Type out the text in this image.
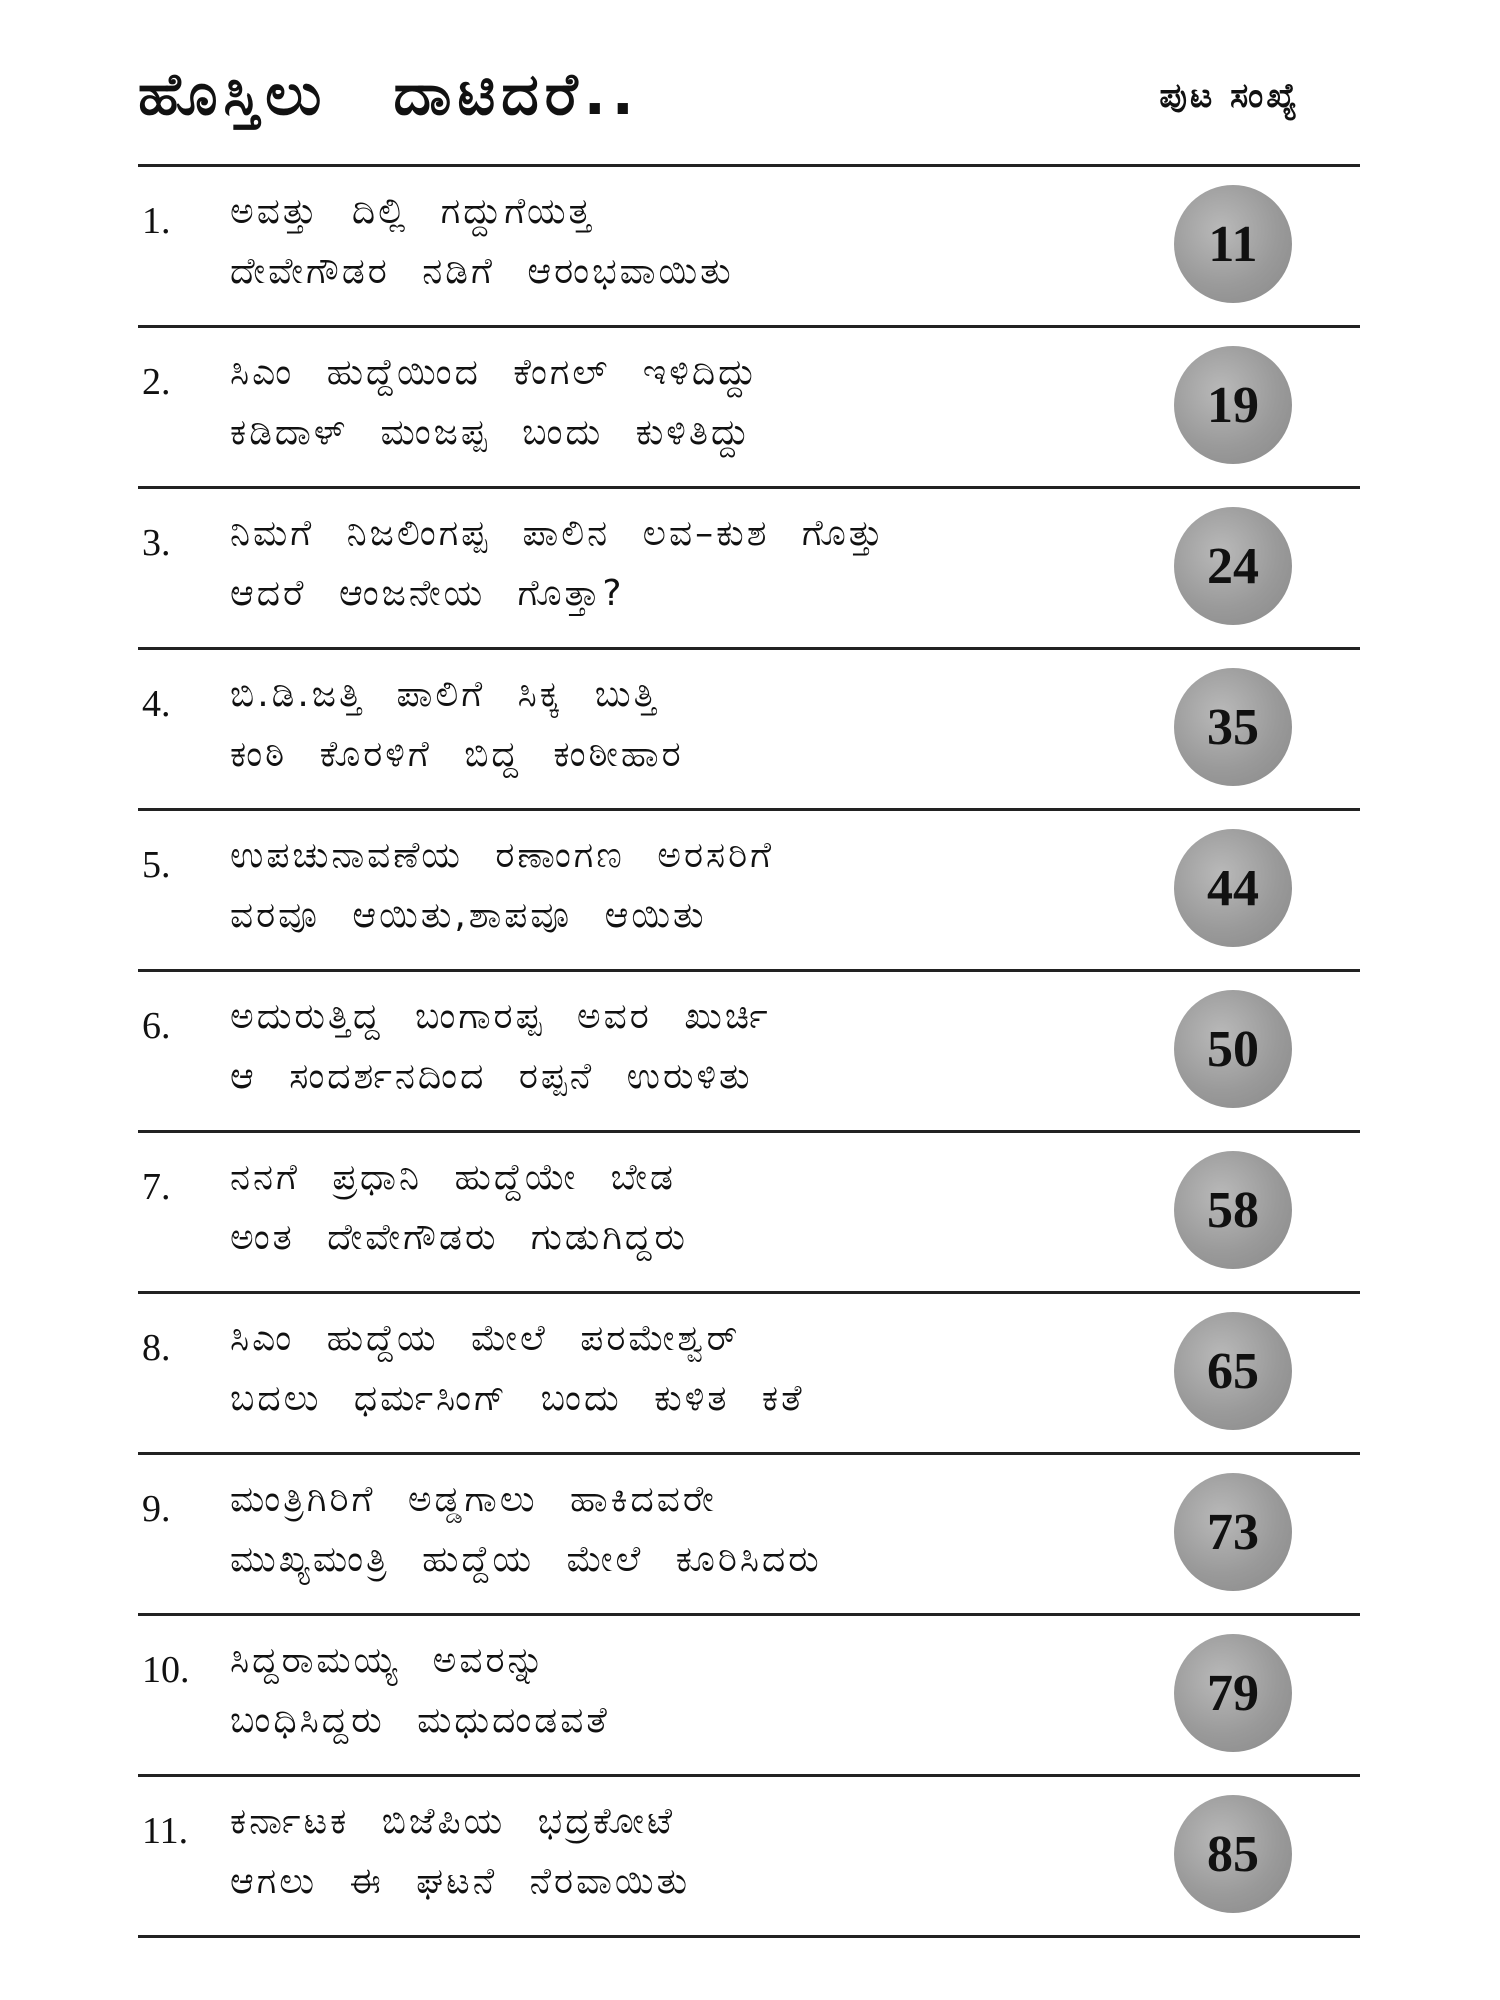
ಹೊಸ್ತಿಲು ದಾಟಿದರೆ..	ಪುಟ ಸಂಖ್ಯೆ
1. ಅವತ್ತು ದಿಲ್ಲಿ ಗದ್ದುಗೆಯತ್ತ
ದೇವೇಗೌಡರ ನಡಿಗೆ ಆರಂಭವಾಯಿತು	11
2. ಸಿಎಂ ಹುದ್ದೆಯಿಂದ ಕೆಂಗಲ್ ಇಳಿದಿದ್ದು
ಕಡಿದಾಳ್ ಮಂಜಪ್ಪ ಬಂದು ಕುಳಿತಿದ್ದು	19
3. ನಿಮಗೆ ನಿಜಲಿಂಗಪ್ಪ ಪಾಲಿನ ಲವ–ಕುಶ ಗೊತ್ತು
ಆದರೆ ಆಂಜನೇಯ ಗೊತ್ತಾ?	24
4. ಬಿ.ಡಿ.ಜತ್ತಿ ಪಾಲಿಗೆ ಸಿಕ್ಕ ಬುತ್ತಿ
ಕಂಠಿ ಕೊರಳಿಗೆ ಬಿದ್ದ ಕಂಠೀಹಾರ	35
5. ಉಪಚುನಾವಣೆಯ ರಣಾಂಗಣ ಅರಸರಿಗೆ
ವರವೂ ಆಯಿತು,ಶಾಪವೂ ಆಯಿತು	44
6. ಅದುರುತ್ತಿದ್ದ ಬಂಗಾರಪ್ಪ ಅವರ ಖುರ್ಚಿ
ಆ ಸಂದರ್ಶನದಿಂದ ರಪ್ಪನೆ ಉರುಳಿತು	50
7. ನನಗೆ ಪ್ರಧಾನಿ ಹುದ್ದೆಯೇ ಬೇಡ
ಅಂತ ದೇವೇಗೌಡರು ಗುಡುಗಿದ್ದರು	58
8. ಸಿಎಂ ಹುದ್ದೆಯ ಮೇಲೆ ಪರಮೇಶ್ವರ್
ಬದಲು ಧರ್ಮಸಿಂಗ್ ಬಂದು ಕುಳಿತ ಕತೆ	65
9. ಮಂತ್ರಿಗಿರಿಗೆ ಅಡ್ಡಗಾಲು ಹಾಕಿದವರೇ
ಮುಖ್ಯಮಂತ್ರಿ ಹುದ್ದೆಯ ಮೇಲೆ ಕೂರಿಸಿದರು	73
10. ಸಿದ್ದರಾಮಯ್ಯ ಅವರನ್ನು
ಬಂಧಿಸಿದ್ದರು ಮಧುದಂಡವತೆ	79
11. ಕರ್ನಾಟಕ ಬಿಜೆಪಿಯ ಭದ್ರಕೋಟೆ
ಆಗಲು ಈ ಘಟನೆ ನೆರವಾಯಿತು	85
